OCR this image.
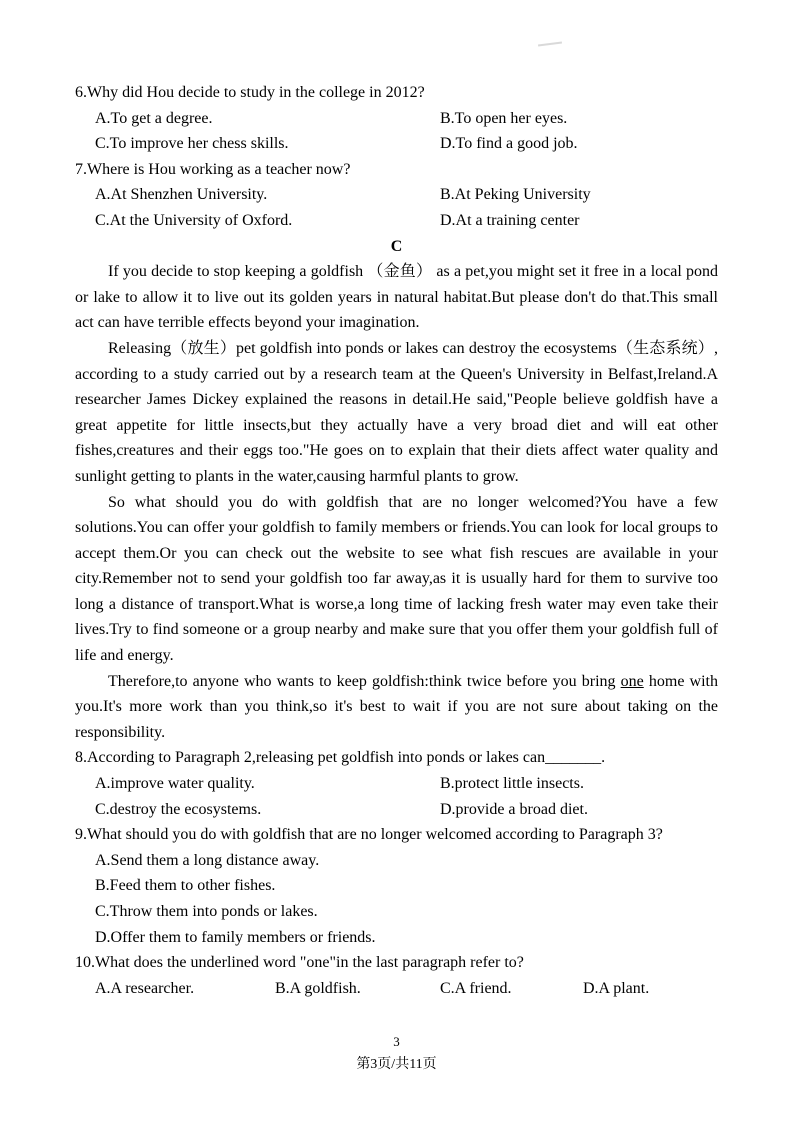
6.Why did Hou decide to study in the college in 2012?
A.To get a degree.	B.To open her eyes.
C.To improve her chess skills.	D.To find a good job.
7.Where is Hou working as a teacher now?
A.At Shenzhen University.	B.At Peking University
C.At the University of Oxford.	D.At a training center
C
If you decide to stop keeping a goldfish （金鱼） as a pet,you might set it free in a local pond or lake to allow it to live out its golden years in natural habitat.But please don't do that.This small act can have terrible effects beyond your imagination.
Releasing（放生）pet goldfish into ponds or lakes can destroy the ecosystems（生态系统）, according to a study carried out by a research team at the Queen's University in Belfast,Ireland.A researcher James Dickey explained the reasons in detail.He said,"People believe goldfish have a great appetite for little insects,but they actually have a very broad diet and will eat other fishes,creatures and their eggs too."He goes on to explain that their diets affect water quality and sunlight getting to plants in the water,causing harmful plants to grow.
So what should you do with goldfish that are no longer welcomed?You have a few solutions.You can offer your goldfish to family members or friends.You can look for local groups to accept them.Or you can check out the website to see what fish rescues are available in your city.Remember not to send your goldfish too far away,as it is usually hard for them to survive too long a distance of transport.What is worse,a long time of lacking fresh water may even take their lives.Try to find someone or a group nearby and make sure that you offer them your goldfish full of life and energy.
Therefore,to anyone who wants to keep goldfish:think twice before you bring one home with you.It's more work than you think,so it's best to wait if you are not sure about taking on the responsibility.
8.According to Paragraph 2,releasing pet goldfish into ponds or lakes can_______.
A.improve water quality.	B.protect little insects.
C.destroy the ecosystems.	D.provide a broad diet.
9.What should you do with goldfish that are no longer welcomed according to Paragraph 3?
A.Send them a long distance away.
B.Feed them to other fishes.
C.Throw them into ponds or lakes.
D.Offer them to family members or friends.
10.What does the underlined word "one"in the last paragraph refer to?
A.A researcher.	B.A goldfish.	C.A friend.	D.A plant.
3
第3页/共11页
